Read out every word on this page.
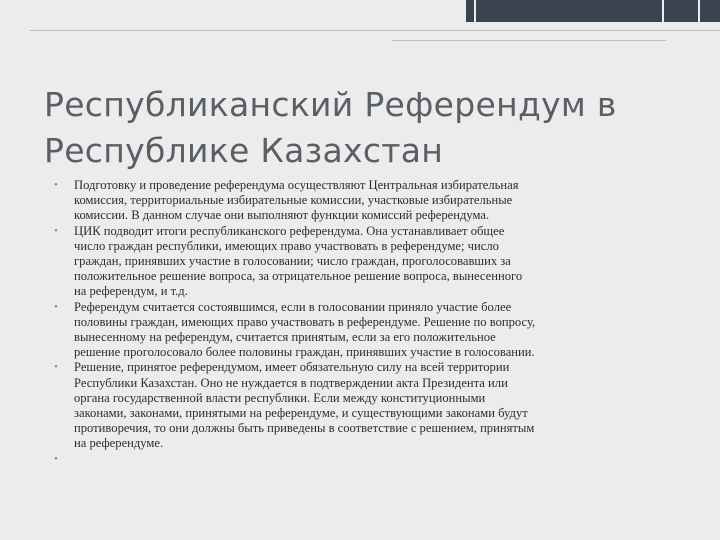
Республиканский Референдум в
Республике Казахстан
• Подготовку и проведение референдума осуществляют Центральная избирательная
комиссия, территориальные избирательные комиссии, участковые избирательные
комиссии. В данном случае они выполняют функции комиссий референдума.
• ЦИК подводит итоги республиканского референдума. Она устанавливает общее
число граждан республики, имеющих право участвовать в референдуме; число
граждан, принявших участие в голосовании; число граждан, проголосовавших за
положительное решение вопроса, за отрицательное решение вопроса, вынесенного
на референдум, и т.д.
• Референдум считается состоявшимся, если в голосовании приняло участие более
половины граждан, имеющих право участвовать в референдуме. Решение по вопросу,
вынесенному на референдум, считается принятым, если за его положительное
решение проголосовало более половины граждан, принявших участие в голосовании.
• Решение, принятое референдумом, имеет обязательную силу на всей территории
Республики Казахстан. Оно не нуждается в подтверждении акта Президента или
органа государственной власти республики. Если между конституционными
законами, законами, принятыми на референдуме, и существующими законами будут
противоречия, то они должны быть приведены в соответствие с решением, принятым
на референдуме.
•
